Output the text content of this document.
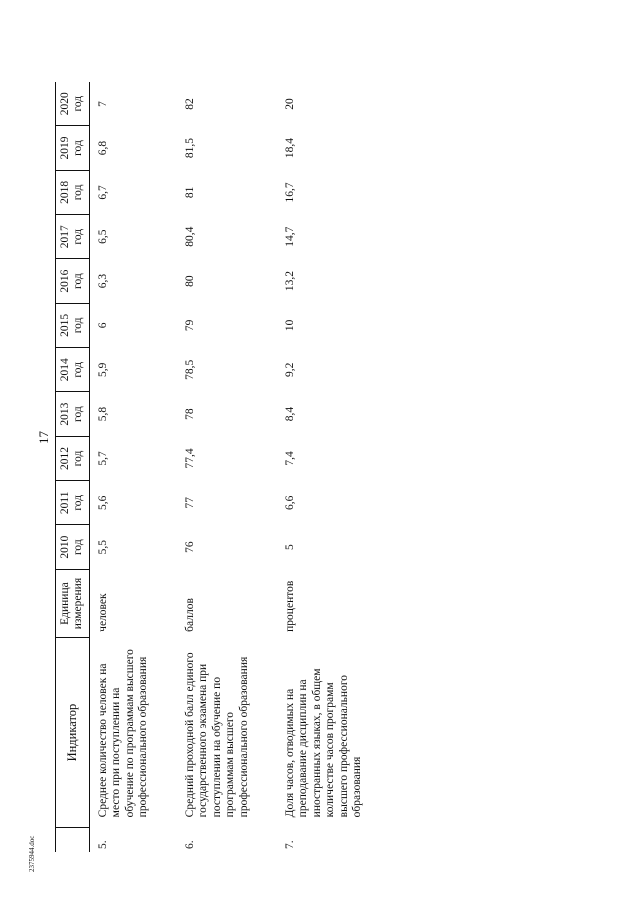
17
	Индикатор	Единица измерения	2010 год	2011 год	2012 год	2013 год	2014 год	2015 год	2016 год	2017 год	2018 год	2019 год	2020 год
5.	Среднее количество человек на место при поступлении на обучение по программам высшего профессионального образования	человек	5,5	5,6	5,7	5,8	5,9	6	6,3	6,5	6,7	6,8	7
6.	Средний проходной балл единого государственного экзамена при поступлении на обучение по программам высшего профессионального образования	баллов	76	77	77,4	78	78,5	79	80	80,4	81	81,5	82
7.	Доля часов, отводимых на преподавание дисциплин на иностранных языках, в общем количестве часов программ высшего профессионального образования	процентов	5	6,6	7,4	8,4	9,2	10	13,2	14,7	16,7	18,4	20
2375944.doc
